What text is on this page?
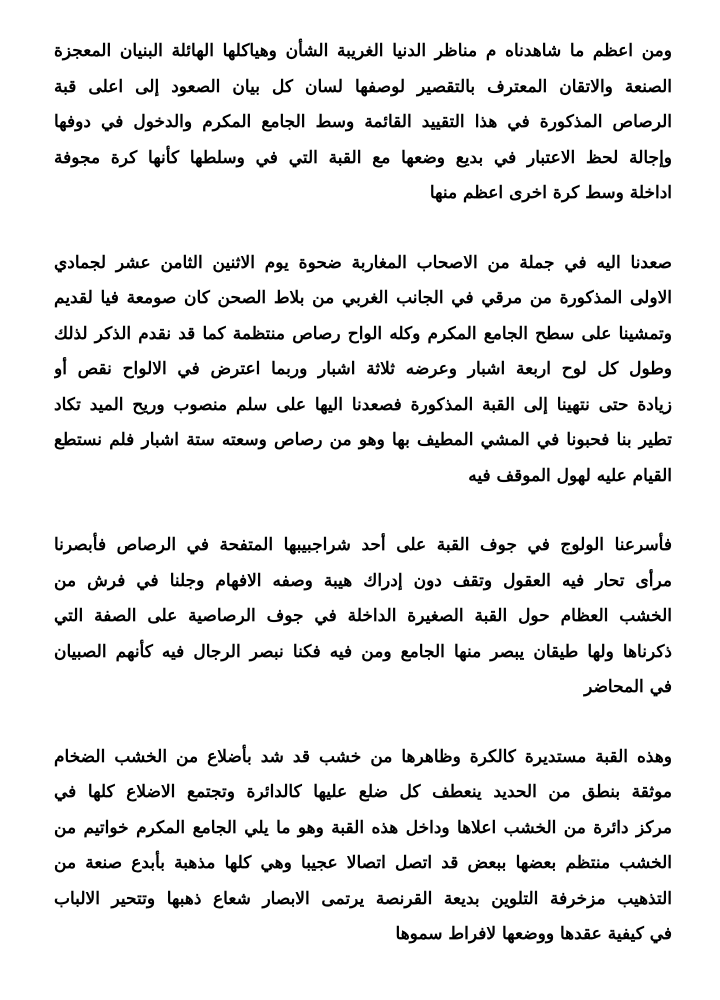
ومن اعظم ما شاهدناه م مناظر الدنيا الغريبة الشأن وهياكلها الهائلة البنيان المعجزة
الصنعة والاتقان المعترف بالتقصير لوصفها لسان كل بيان الصعود إلى اعلى قبة
الرصاص المذكورة في هذا التقييد القائمة وسط الجامع المكرم والدخول في دوفها
وإجالة لحظ الاعتبار في بديع وضعها مع القبة التي في وسلطها كأنها كرة مجوفة
اداخلة وسط كرة اخرى اعظم منها
صعدنا اليه في جملة من الاصحاب المغاربة ضحوة يوم الاثنين الثامن عشر لجمادي
الاولى المذكورة من مرقي في الجانب الغربي من بلاط الصحن كان صومعة فيا لقديم
وتمشينا على سطح الجامع المكرم وكله الواح رصاص منتظمة كما قد نقدم الذكر لذلك
وطول كل لوح اربعة اشبار وعرضه ثلاثة اشبار وربما اعترض في الالواح نقص أو
زيادة حتى نتهينا إلى القبة المذكورة فصعدنا اليها على سلم منصوب وريح الميد تكاد
تطير بنا فحبونا في المشي المطيف بها وهو من رصاص وسعته ستة اشبار فلم نستطع
القيام عليه لهول الموقف فيه
فأسرعنا الولوج في جوف القبة على أحد شراجبيبها المتفحة في الرصاص فأبصرنا
مرأى تحار فيه العقول وتقف دون إدراك هيبة وصفه الافهام وجلنا في فرش من
الخشب العظام حول القبة الصغيرة الداخلة في جوف الرصاصية على الصفة التي
ذكرناها ولها طيقان يبصر منها الجامع ومن فيه فكنا نبصر الرجال فيه كأنهم الصبيان
في المحاضر
وهذه القبة مستديرة كالكرة وظاهرها من خشب قد شد بأضلاع من الخشب الضخام
موثقة بنطق من الحديد ينعطف كل ضلع عليها كالدائرة وتجتمع الاضلاع كلها في
مركز دائرة من الخشب اعلاها وداخل هذه القبة وهو ما يلي الجامع المكرم خواتيم من
الخشب منتظم بعضها ببعض قد اتصل اتصالا عجيبا وهي كلها مذهبة بأبدع صنعة من
التذهيب مزخرفة التلوين بديعة القرنصة يرتمى الابصار شعاع ذهبها وتتحير الالباب
في كيفية عقدها ووضعها لافراط سموها
